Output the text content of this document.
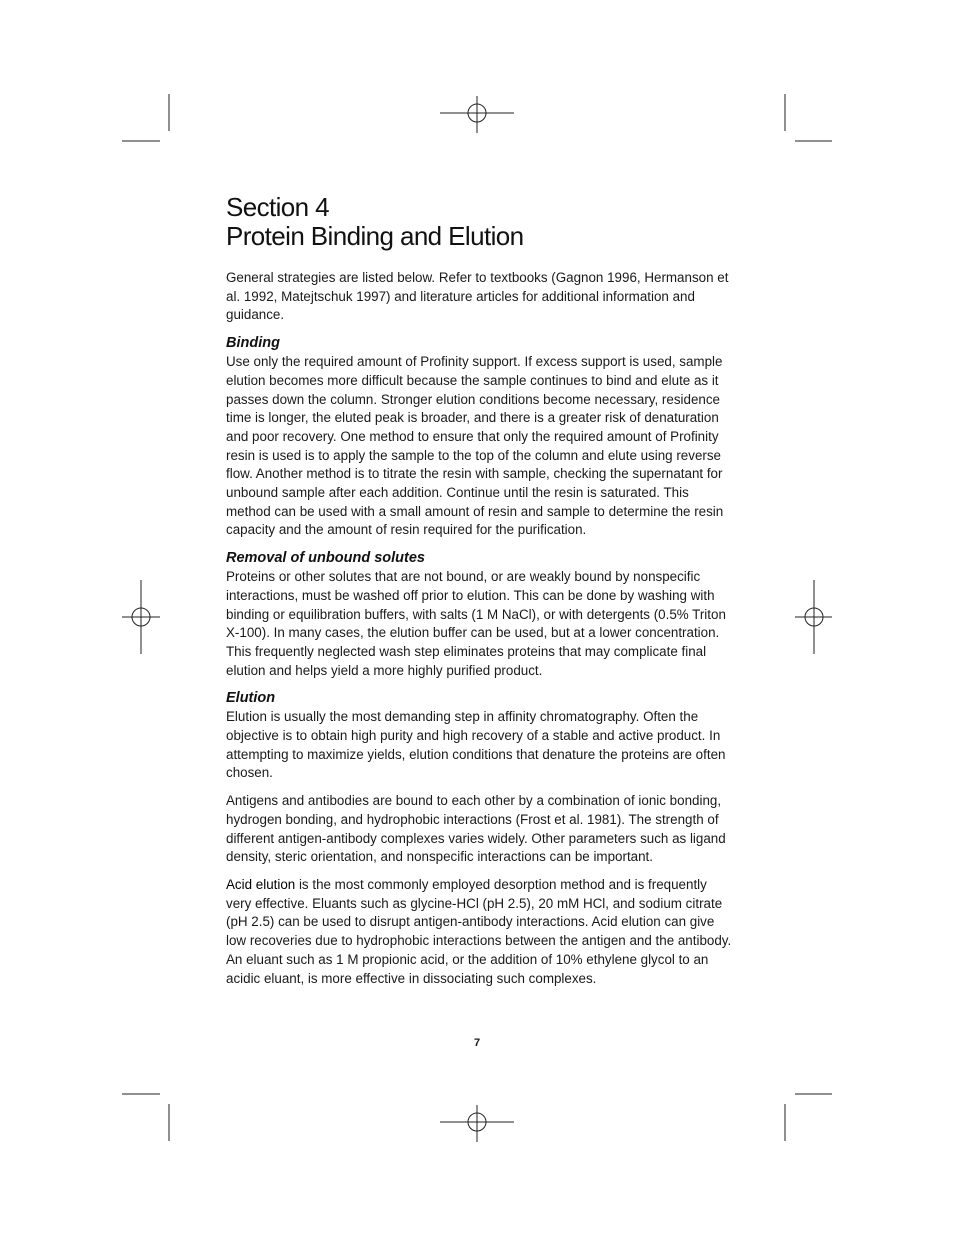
Section 4
Protein Binding and Elution

General strategies are listed below. Refer to textbooks (Gagnon 1996, Hermanson et al. 1992, Matejtschuk 1997) and literature articles for additional information and guidance.

Binding

Use only the required amount of Profinity support. If excess support is used, sample elution becomes more difficult because the sample continues to bind and elute as it passes down the column. Stronger elution conditions become necessary, residence time is longer, the eluted peak is broader, and there is a greater risk of denaturation and poor recovery. One method to ensure that only the required amount of Profinity resin is used is to apply the sample to the top of the column and elute using reverse flow. Another method is to titrate the resin with sample, checking the supernatant for unbound sample after each addition. Continue until the resin is saturated. This method can be used with a small amount of resin and sample to determine the resin capacity and the amount of resin required for the purification.

Removal of unbound solutes

Proteins or other solutes that are not bound, or are weakly bound by nonspecific interactions, must be washed off prior to elution. This can be done by washing with binding or equilibration buffers, with salts (1 M NaCl), or with detergents (0.5% Triton X-100). In many cases, the elution buffer can be used, but at a lower concentration. This frequently neglected wash step eliminates proteins that may complicate final elution and helps yield a more highly purified product.

Elution

Elution is usually the most demanding step in affinity chromatography. Often the objective is to obtain high purity and high recovery of a stable and active product. In attempting to maximize yields, elution conditions that denature the proteins are often chosen.

Antigens and antibodies are bound to each other by a combination of ionic bonding, hydrogen bonding, and hydrophobic interactions (Frost et al. 1981). The strength of different antigen-antibody complexes varies widely. Other parameters such as ligand density, steric orientation, and nonspecific interactions can be important.

Acid elution is the most commonly employed desorption method and is frequently very effective. Eluants such as glycine-HCl (pH 2.5), 20 mM HCl, and sodium citrate (pH 2.5) can be used to disrupt antigen-antibody interactions. Acid elution can give low recoveries due to hydrophobic interactions between the antigen and the antibody. An eluant such as 1 M propionic acid, or the addition of 10% ethylene glycol to an acidic eluant, is more effective in dissociating such complexes.

7
